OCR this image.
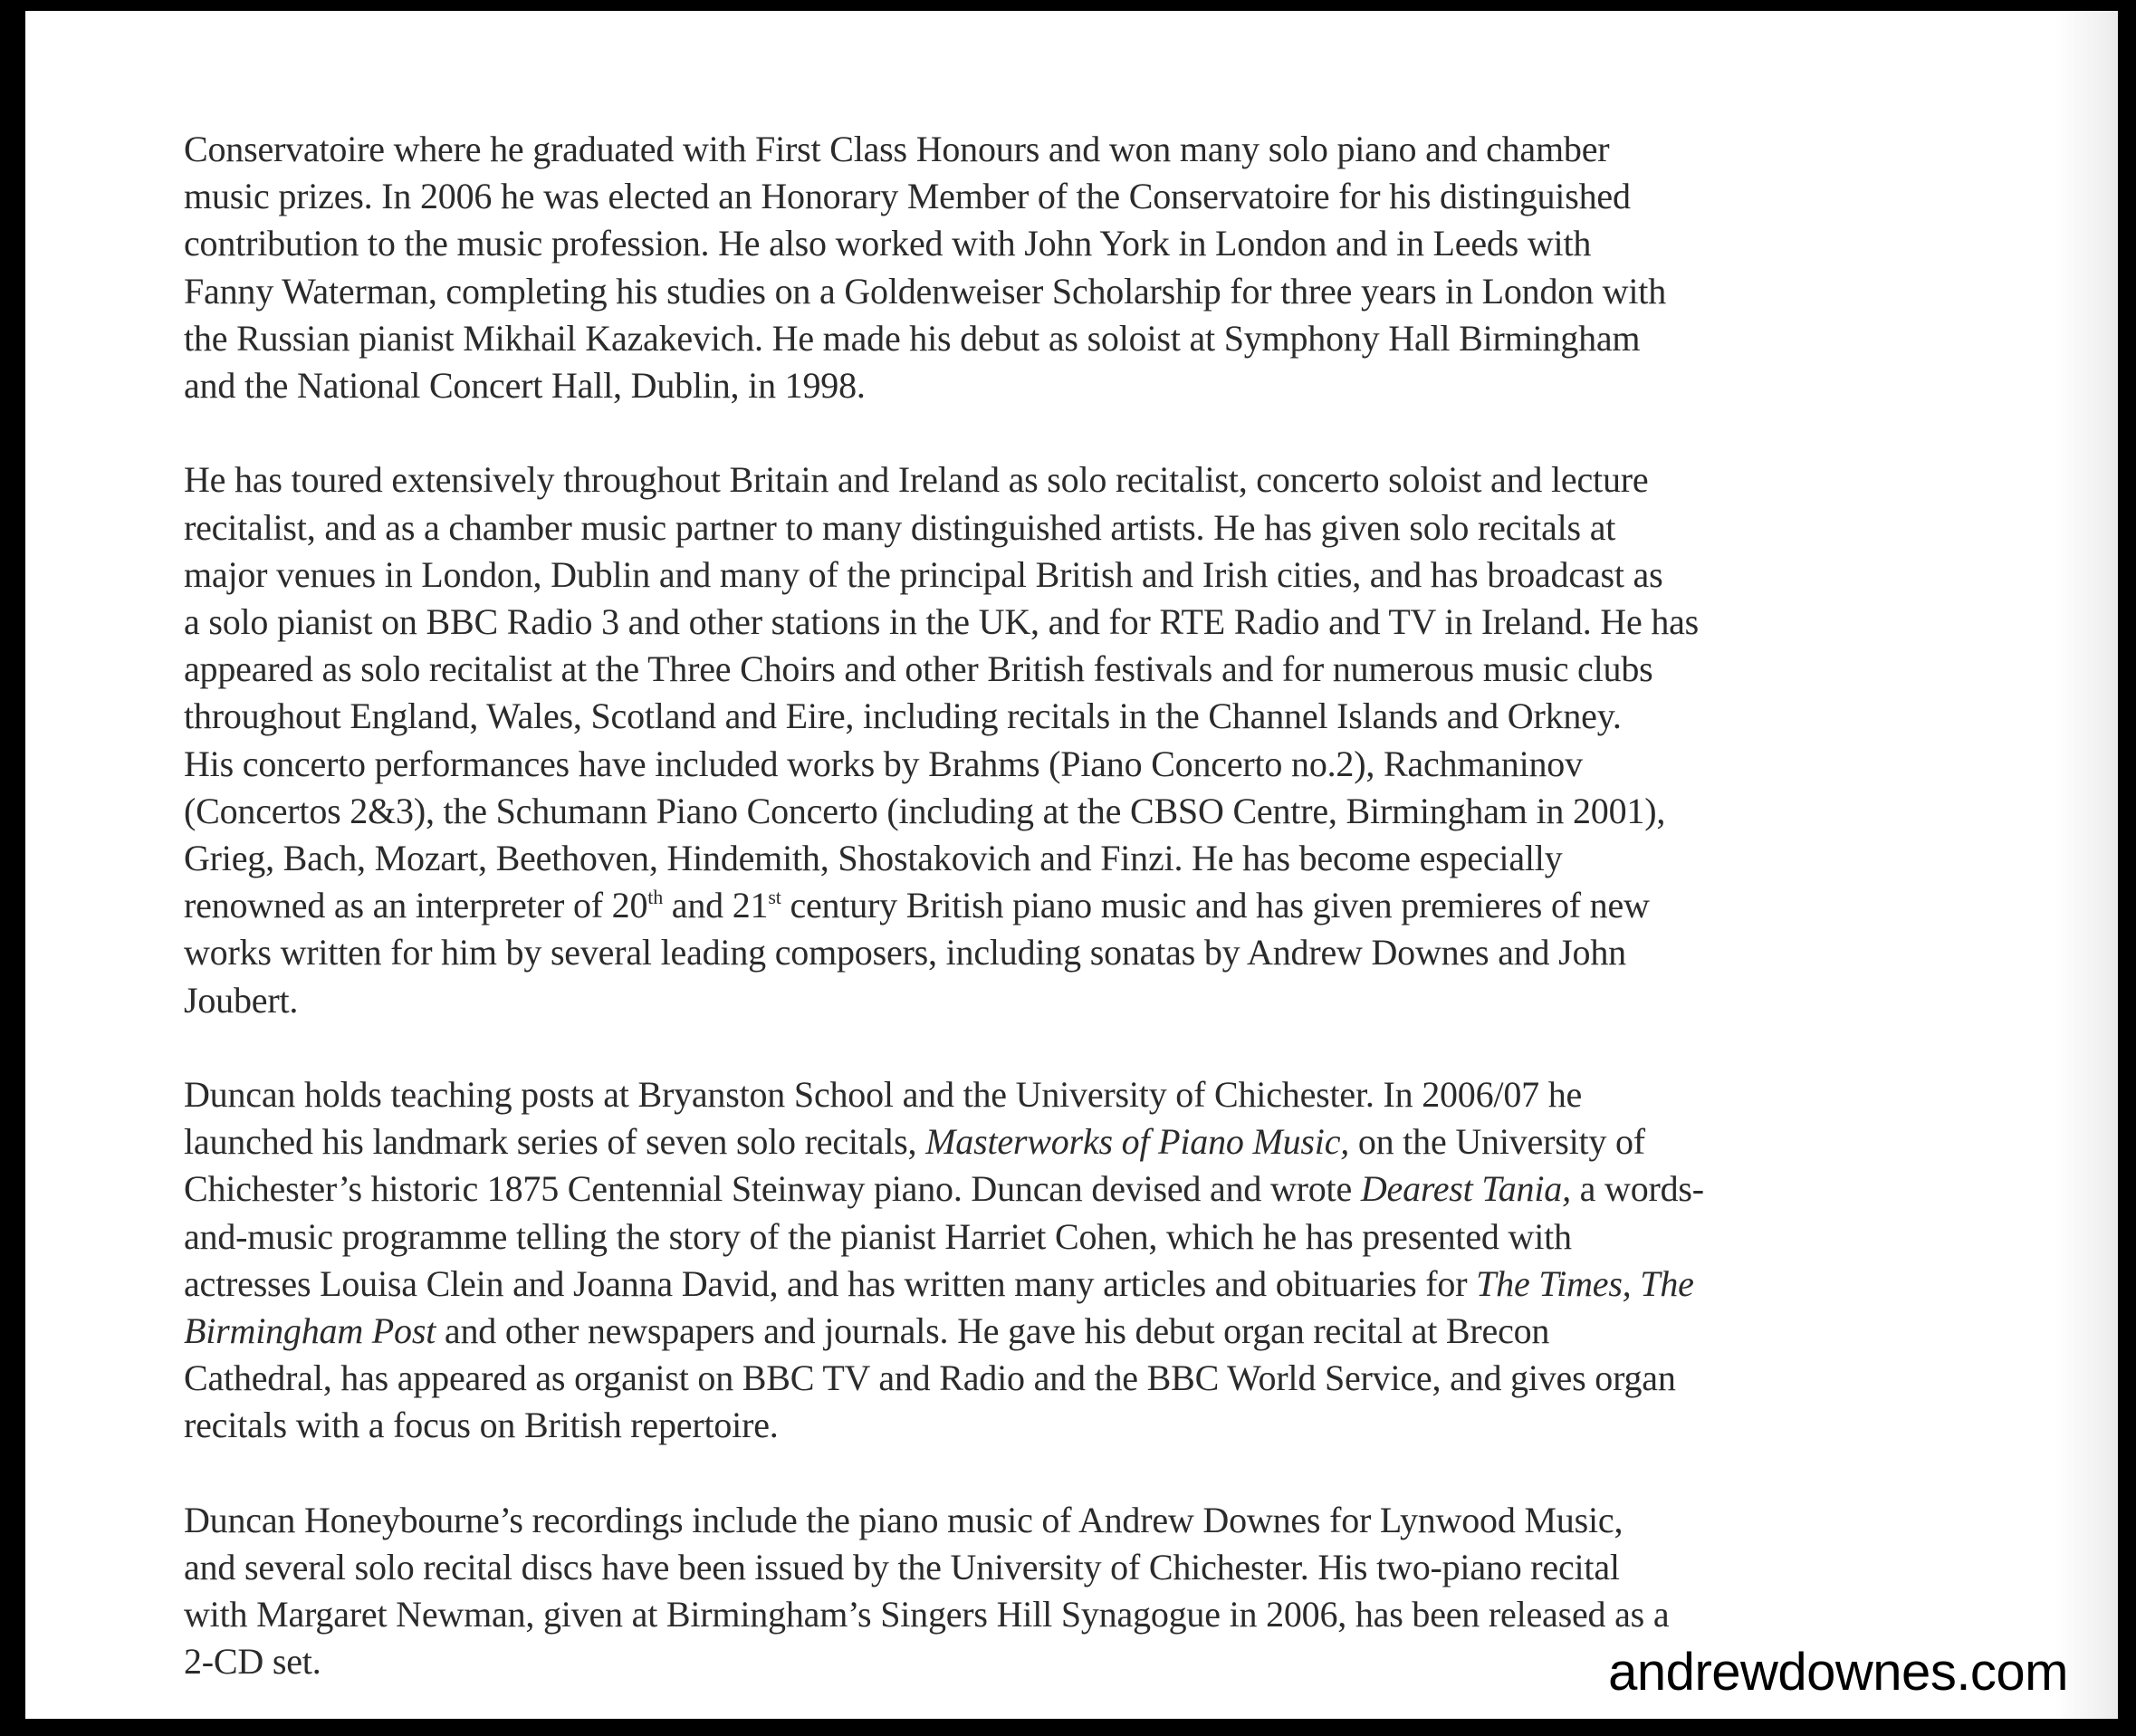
Conservatoire where he graduated with First Class Honours and won many solo piano and chamber
music prizes. In 2006 he was elected an Honorary Member of the Conservatoire for his distinguished
contribution to the music profession. He also worked with John York in London and in Leeds with
Fanny Waterman, completing his studies on a Goldenweiser Scholarship for three years in London with
the Russian pianist Mikhail Kazakevich. He made his debut as soloist at Symphony Hall Birmingham
and the National Concert Hall, Dublin, in 1998.
He has toured extensively throughout Britain and Ireland as solo recitalist, concerto soloist and lecture
recitalist, and as a chamber music partner to many distinguished artists. He has given solo recitals at
major venues in London, Dublin and many of the principal British and Irish cities, and has broadcast as
a solo pianist on BBC Radio 3 and other stations in the UK, and for RTE Radio and TV in Ireland. He has
appeared as solo recitalist at the Three Choirs and other British festivals and for numerous music clubs
throughout England, Wales, Scotland and Eire, including recitals in the Channel Islands and Orkney.
His concerto performances have included works by Brahms (Piano Concerto no.2), Rachmaninov
(Concertos 2&3), the Schumann Piano Concerto (including at the CBSO Centre, Birmingham in 2001),
Grieg, Bach, Mozart, Beethoven, Hindemith, Shostakovich and Finzi. He has become especially
renowned as an interpreter of 20th and 21st century British piano music and has given premieres of new
works written for him by several leading composers, including sonatas by Andrew Downes and John
Joubert.
Duncan holds teaching posts at Bryanston School and the University of Chichester. In 2006/07 he
launched his landmark series of seven solo recitals, Masterworks of Piano Music, on the University of
Chichester’s historic 1875 Centennial Steinway piano. Duncan devised and wrote Dearest Tania, a words-
and-music programme telling the story of the pianist Harriet Cohen, which he has presented with
actresses Louisa Clein and Joanna David, and has written many articles and obituaries for The Times, The
Birmingham Post and other newspapers and journals. He gave his debut organ recital at Brecon
Cathedral, has appeared as organist on BBC TV and Radio and the BBC World Service, and gives organ
recitals with a focus on British repertoire.
Duncan Honeybourne’s recordings include the piano music of Andrew Downes for Lynwood Music,
and several solo recital discs have been issued by the University of Chichester. His two-piano recital
with Margaret Newman, given at Birmingham’s Singers Hill Synagogue in 2006, has been released as a
2-CD set.	andrewdownes.com
